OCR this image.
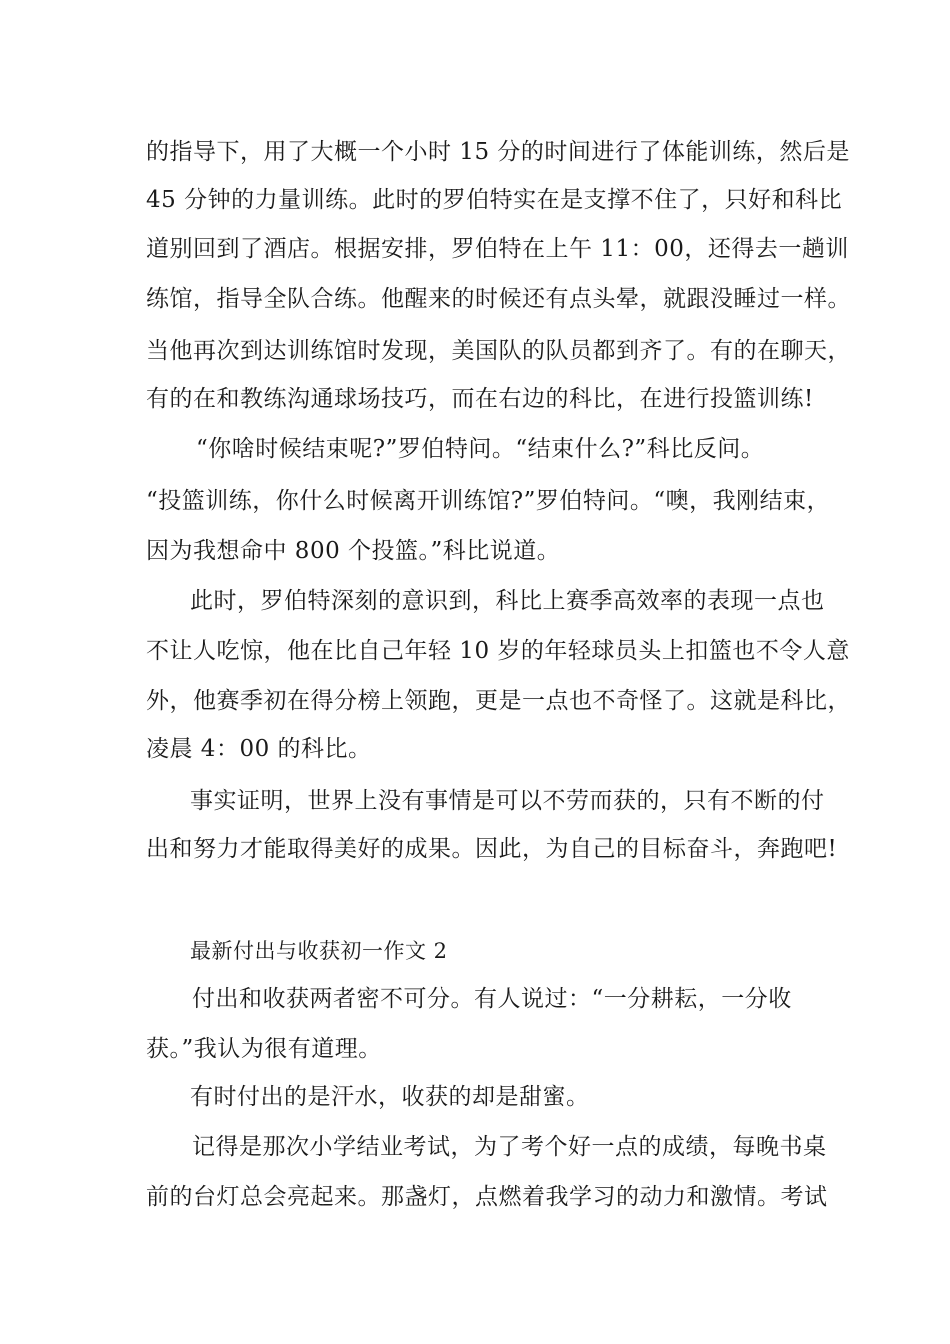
的指导下，用了大概一个小时 15 分的时间进行了体能训练，然后是
45 分钟的力量训练。此时的罗伯特实在是支撑不住了，只好和科比
道别回到了酒店。根据安排，罗伯特在上午 11：00，还得去一趟训
练馆，指导全队合练。他醒来的时候还有点头晕，就跟没睡过一样。
当他再次到达训练馆时发现，美国队的队员都到齐了。有的在聊天，
有的在和教练沟通球场技巧，而在右边的科比，在进行投篮训练!
“你啥时候结束呢?”罗伯特问。“结束什么?”科比反问。
“投篮训练，你什么时候离开训练馆?”罗伯特问。“噢，我刚结束，
因为我想命中 800 个投篮。”科比说道。
此时，罗伯特深刻的意识到，科比上赛季高效率的表现一点也
不让人吃惊，他在比自己年轻 10 岁的年轻球员头上扣篮也不令人意
外，他赛季初在得分榜上领跑，更是一点也不奇怪了。这就是科比，
凌晨 4：00 的科比。
事实证明，世界上没有事情是可以不劳而获的，只有不断的付
出和努力才能取得美好的成果。因此，为自己的目标奋斗，奔跑吧!
最新付出与收获初一作文 2
付出和收获两者密不可分。有人说过：“一分耕耘，一分收
获。”我认为很有道理。
有时付出的是汗水，收获的却是甜蜜。
记得是那次小学结业考试，为了考个好一点的成绩，每晚书桌
前的台灯总会亮起来。那盏灯，点燃着我学习的动力和激情。考试
